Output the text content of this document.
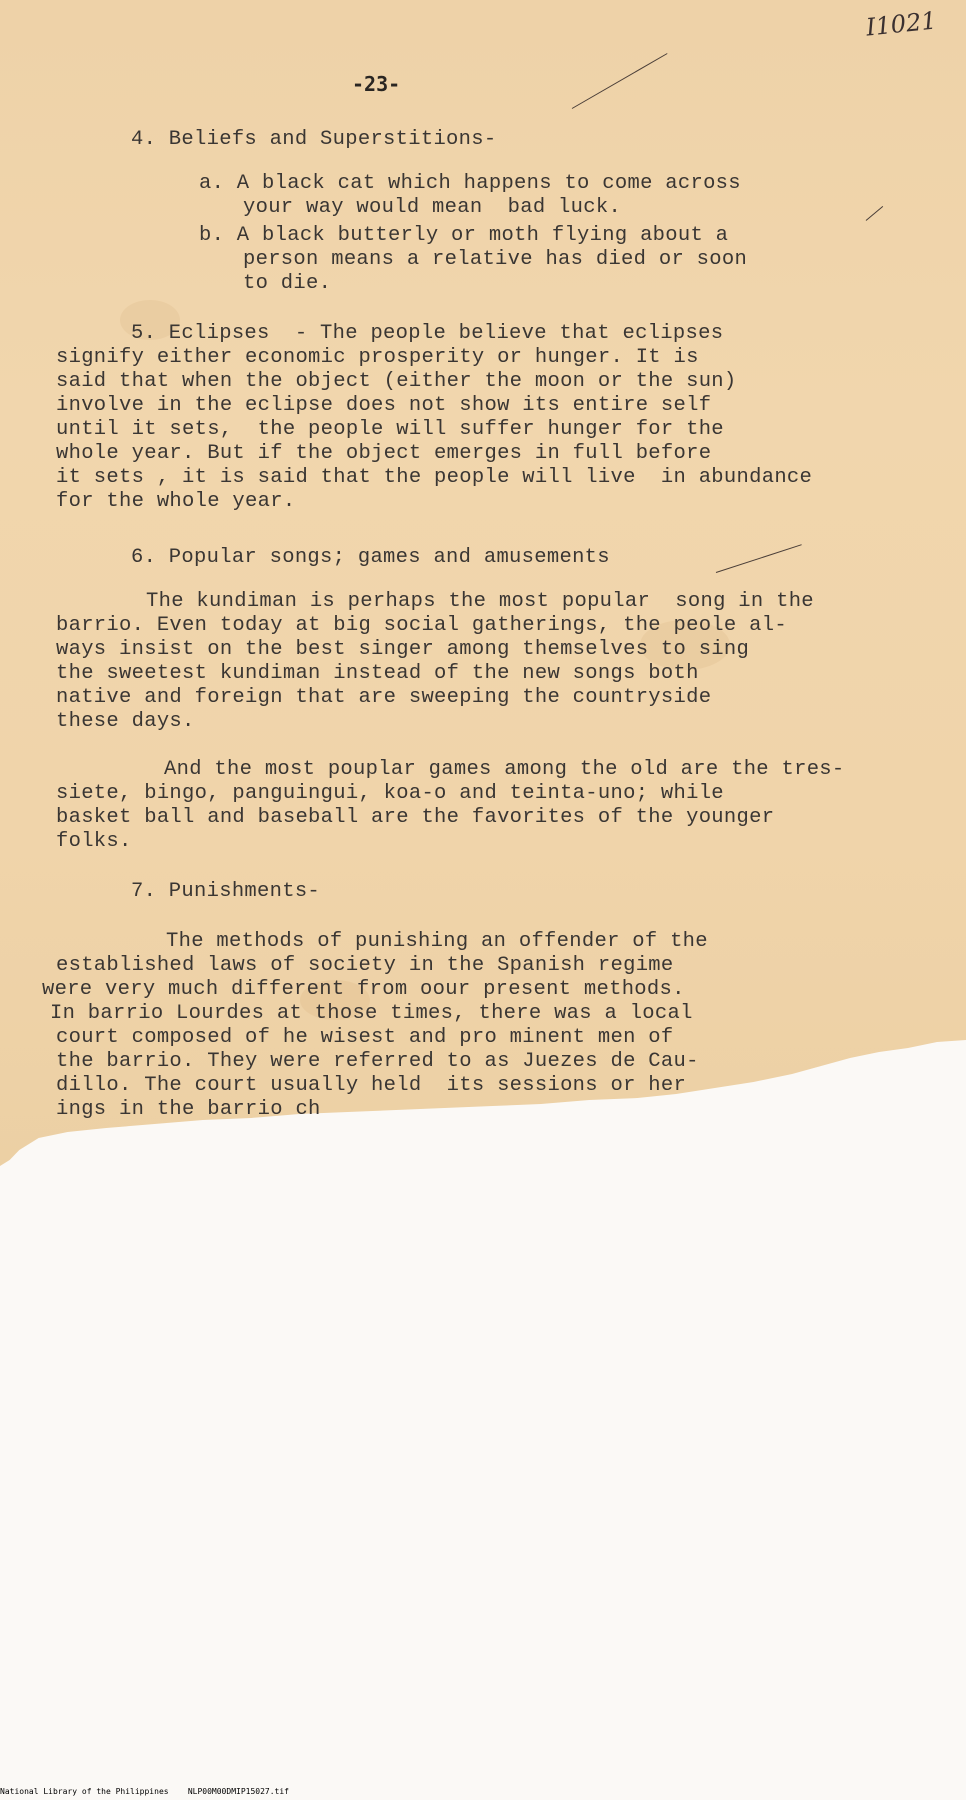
I1021
-23-
4. Beliefs and Superstitions-
a. A black cat which happens to come across
your way would mean  bad luck.
b. A black butterly or moth flying about a
person means a relative has died or soon
to die.
5. Eclipses  - The people believe that eclipses
signify either economic prosperity or hunger. It is
said that when the object (either the moon or the sun)
involve in the eclipse does not show its entire self
until it sets,  the people will suffer hunger for the
whole year. But if the object emerges in full before
it sets , it is said that the people will live  in abundance
for the whole year.
6. Popular songs; games and amusements
The kundiman is perhaps the most popular  song in the
barrio. Even today at big social gatherings, the peole al-
ways insist on the best singer among themselves to sing
the sweetest kundiman instead of the new songs both
native and foreign that are sweeping the countryside
these days.
And the most pouplar games among the old are the tres-
siete, bingo, panguingui, koa-o and teinta-uno; while
basket ball and baseball are the favorites of the younger
folks.
7. Punishments-
The methods of punishing an offender of the
established laws of society in the Spanish regime
were very much different from oour present methods.
In barrio Lourdes at those times, there was a local
court composed of he wisest and pro minent men of
the barrio. They were referred to as Juezes de Cau-
dillo. The court usually held  its sessions or her
ings in the barrio ch
National Library of the Philippines NLP00M00DMIP15027.tif
